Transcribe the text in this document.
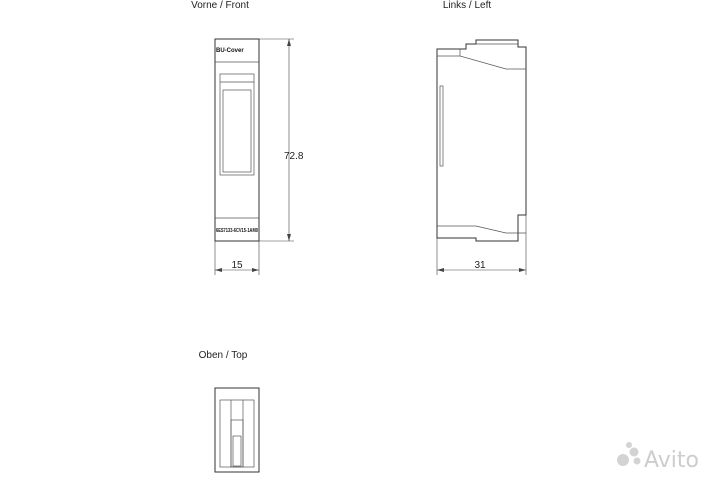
Vorne / Front
BU-Cover
6ES7133-6CV15-1AM0
72.8
15
Links / Left
31
Oben / Top
Avito
